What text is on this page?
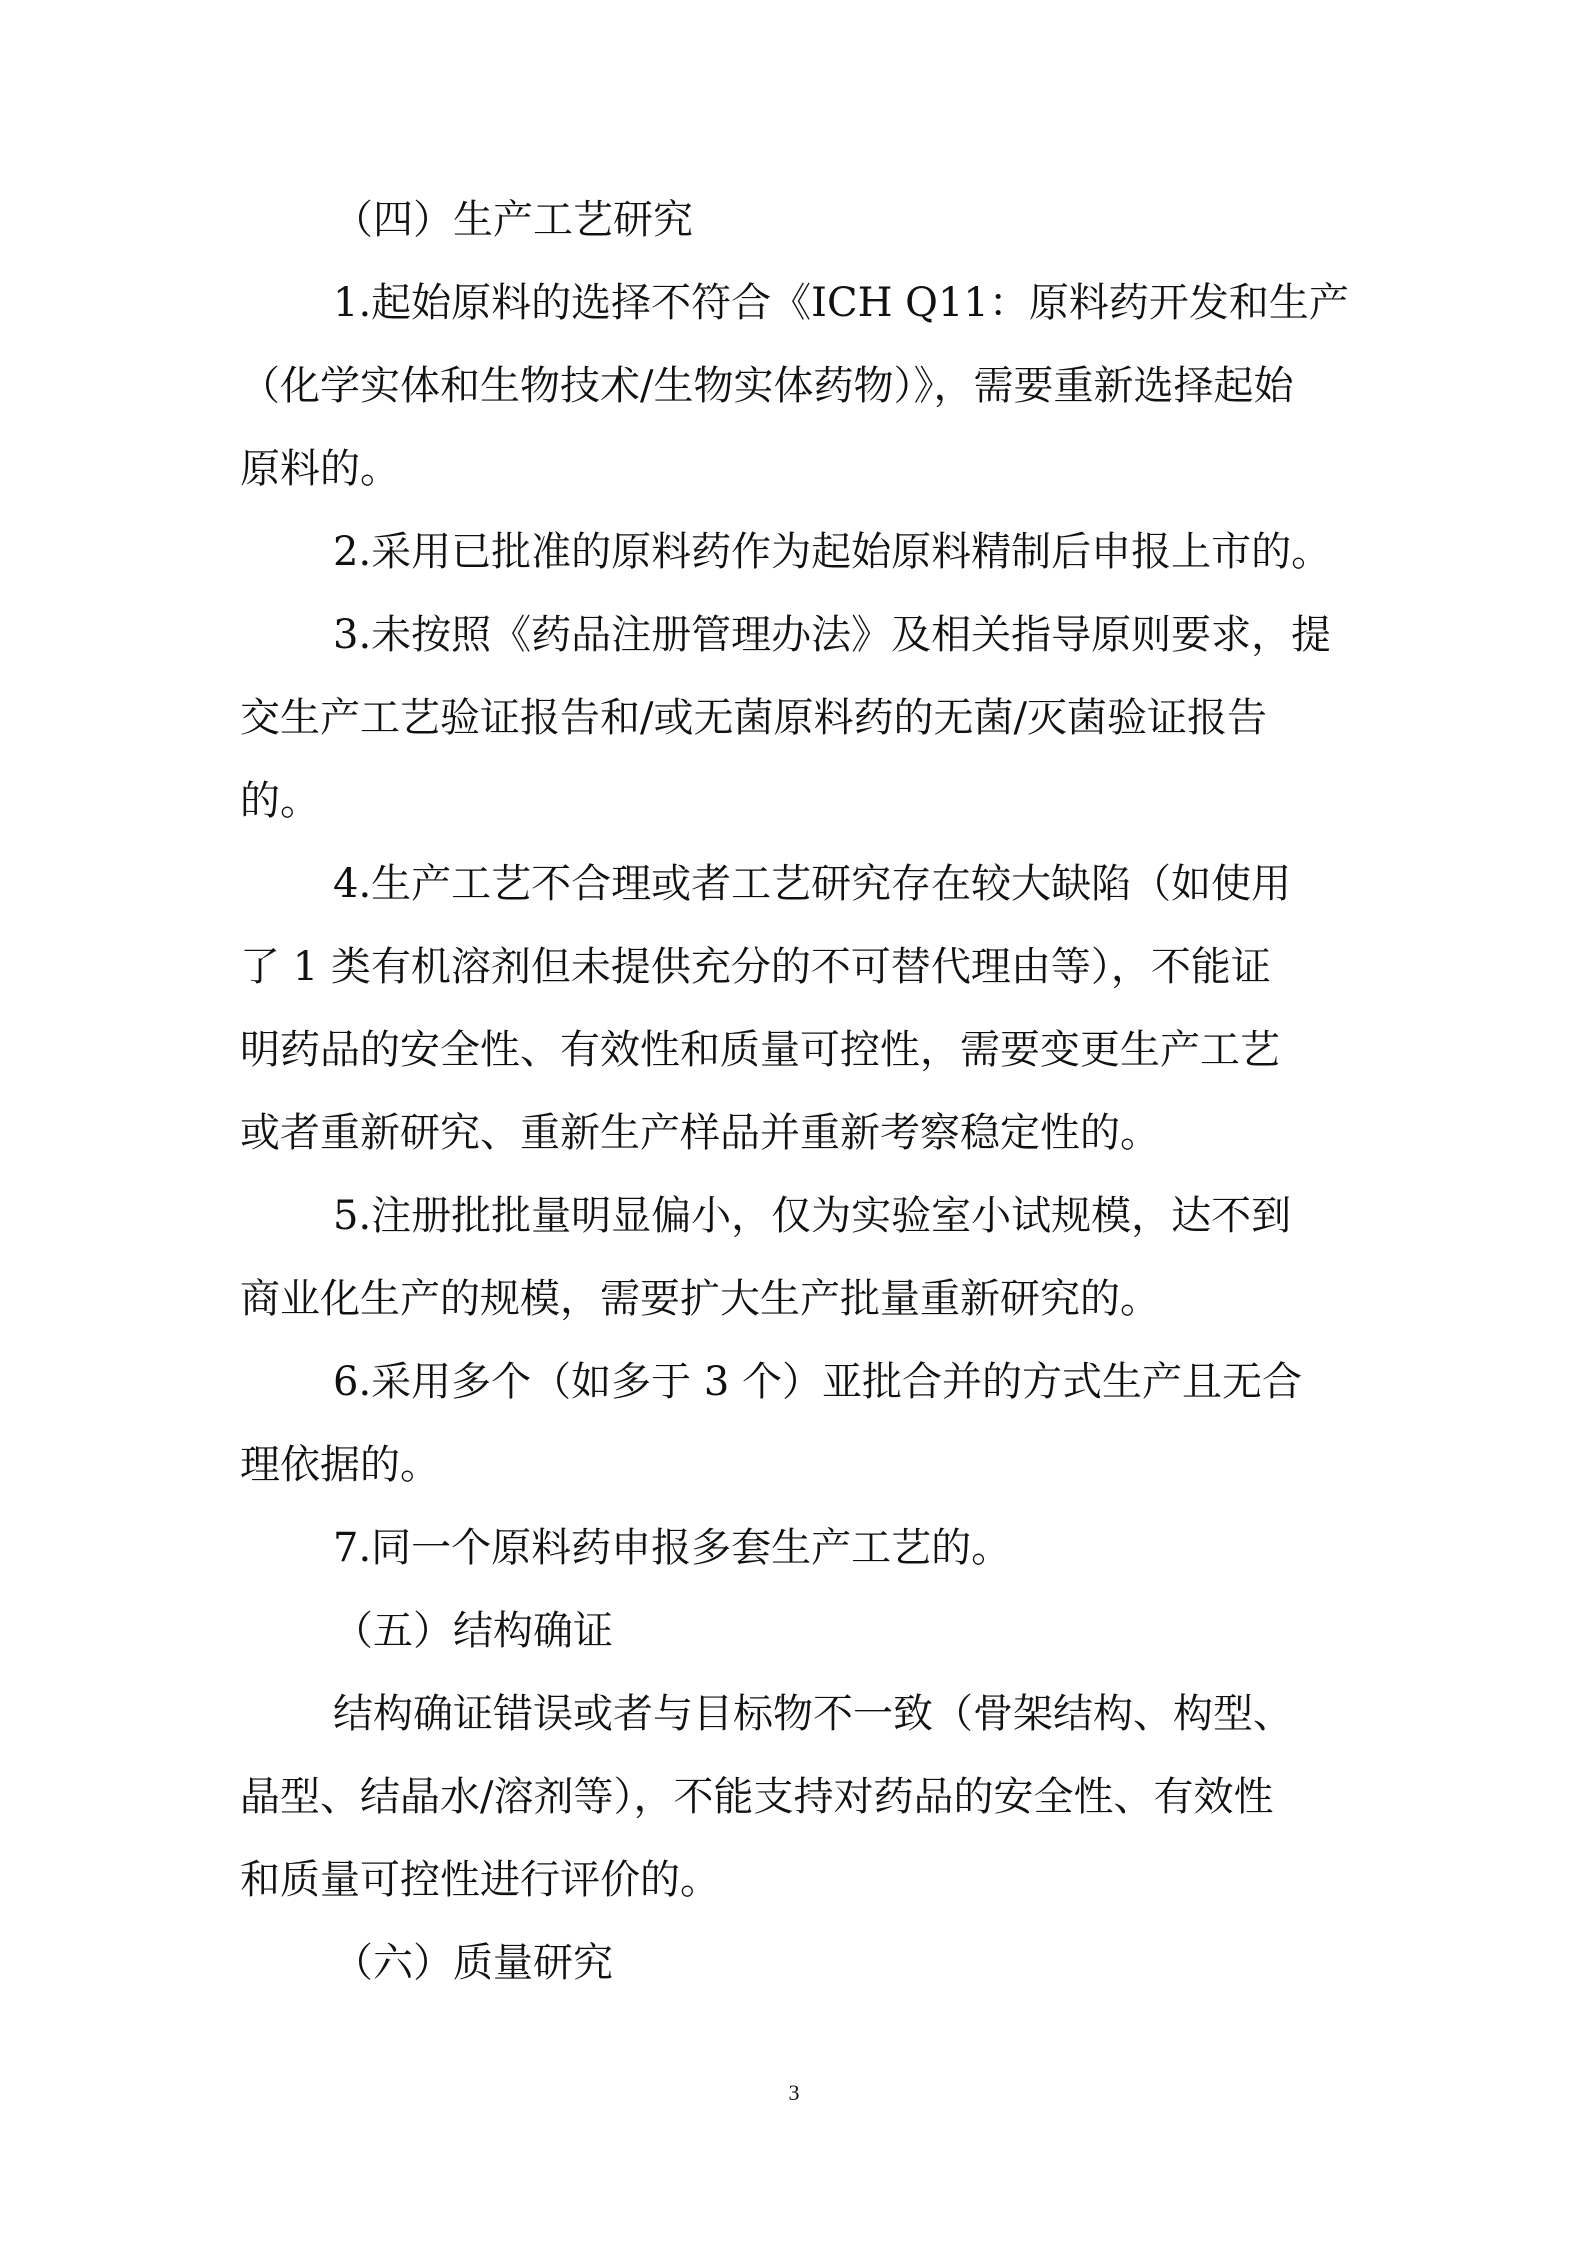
（四）生产工艺研究
1.起始原料的选择不符合《ICH Q11：原料药开发和生产
（化学实体和生物技术/生物实体药物）》，需要重新选择起始
原料的。
2.采用已批准的原料药作为起始原料精制后申报上市的。
3.未按照《药品注册管理办法》及相关指导原则要求，提
交生产工艺验证报告和/或无菌原料药的无菌/灭菌验证报告
的。
4.生产工艺不合理或者工艺研究存在较大缺陷（如使用
了 1 类有机溶剂但未提供充分的不可替代理由等），不能证
明药品的安全性、有效性和质量可控性，需要变更生产工艺
或者重新研究、重新生产样品并重新考察稳定性的。
5.注册批批量明显偏小，仅为实验室小试规模，达不到
商业化生产的规模，需要扩大生产批量重新研究的。
6.采用多个（如多于 3 个）亚批合并的方式生产且无合
理依据的。
7.同一个原料药申报多套生产工艺的。
（五）结构确证
结构确证错误或者与目标物不一致（骨架结构、构型、
晶型、结晶水/溶剂等），不能支持对药品的安全性、有效性
和质量可控性进行评价的。
（六）质量研究
3
